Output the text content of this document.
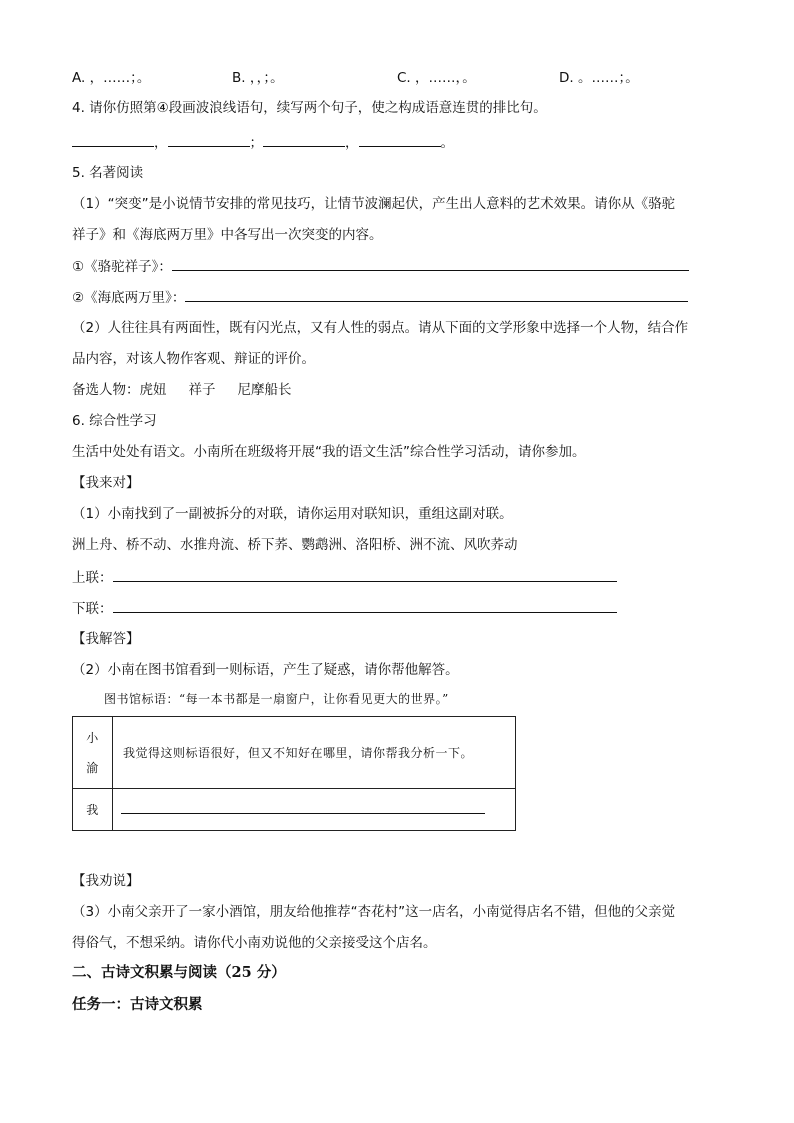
A. ，……；。	B. ，，；。	C. ，……，。	D. 。……；。
4. 请你仿照第④段画波浪线语句，续写两个句子，使之构成语意连贯的排比句。
，	；	，	。
5. 名著阅读
（1）“突变”是小说情节安排的常见技巧，让情节波澜起伏，产生出人意料的艺术效果。请你从《骆驼
祥子》和《海底两万里》中各写出一次突变的内容。
①《骆驼祥子》：
②《海底两万里》：
（2）人往往具有两面性，既有闪光点，又有人性的弱点。请从下面的文学形象中选择一个人物，结合作
品内容，对该人物作客观、辩证的评价。
备选人物：虎妞 祥子 尼摩船长
6. 综合性学习
生活中处处有语文。小南所在班级将开展“我的语文生活”综合性学习活动，请你参加。
【我来对】
（1）小南找到了一副被拆分的对联，请你运用对联知识，重组这副对联。
洲上舟、桥不动、水推舟流、桥下荞、鹦鹉洲、洛阳桥、洲不流、风吹荞动
上联：
下联：
【我解答】
（2）小南在图书馆看到一则标语，产生了疑惑，请你帮他解答。
图书馆标语：“每一本书都是一扇窗户，让你看见更大的世界。”
小
渝	我觉得这则标语很好，但又不知好在哪里，请你帮我分析一下。
我	
【我劝说】
（3）小南父亲开了一家小酒馆，朋友给他推荐“杏花村”这一店名，小南觉得店名不错，但他的父亲觉
得俗气，不想采纳。请你代小南劝说他的父亲接受这个店名。
二、古诗文积累与阅读（25 分）
任务一：古诗文积累
